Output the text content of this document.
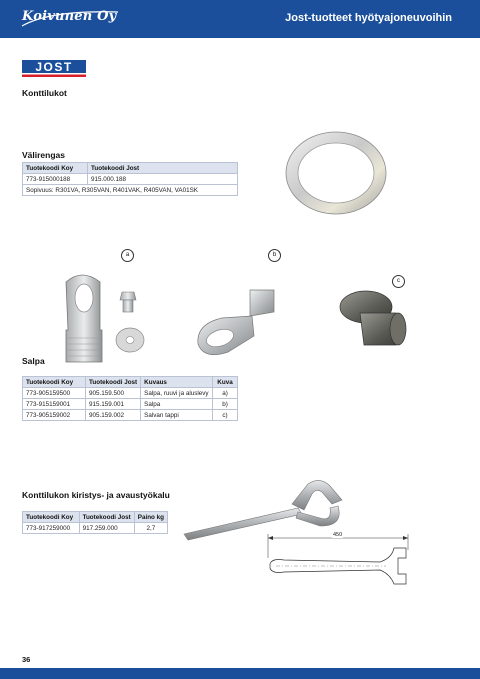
Koivunen Oy	Jost-tuotteet hyötyajoneuvoihin
JOST
Konttilukot
Välirengas
Tuotekoodi Koy	Tuotekoodi Jost
773-915000188	915.000.188
Sopivuus: R301VA, R305VAN, R401VAK, R405VAN, VA01SK	
a	b
c
Salpa
Tuotekoodi Koy	Tuotekoodi Jost	Kuvaus	Kuva
773-905159500	905.159.500	Salpa, ruuvi ja aluslevy	a)
773-915159001	915.159.001	Salpa	b)
773-905159002	905.159.002	Salvan tappi	c)
Konttilukon kiristys- ja avaustyökalu
Tuotekoodi Koy	Tuotekoodi Jost	Paino kg
773-917259000	917.259.000	2,7
450
36
